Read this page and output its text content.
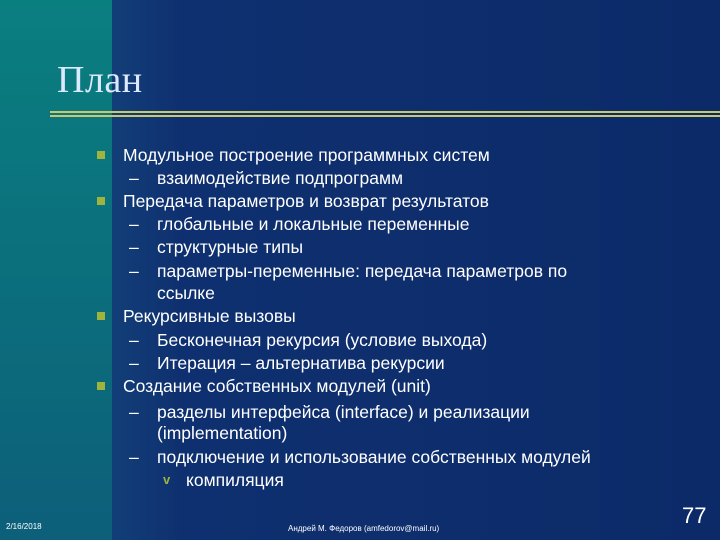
План
Модульное построение программных систем
– взаимодействие подпрограмм
Передача параметров и возврат результатов
– глобальные и локальные переменные
– структурные типы
– параметры-переменные: передача параметров по
ссылке
Рекурсивные вызовы
– Бесконечная рекурсия (условие выхода)
– Итерация – альтернатива рекурсии
Создание собственных модулей (unit)
– разделы интерфейса (interface) и реализации
(implementation)
– подключение и использование собственных модулей
v компиляция
2/16/2018	Андрей М. Федоров (amfedorov@mail.ru)
77
